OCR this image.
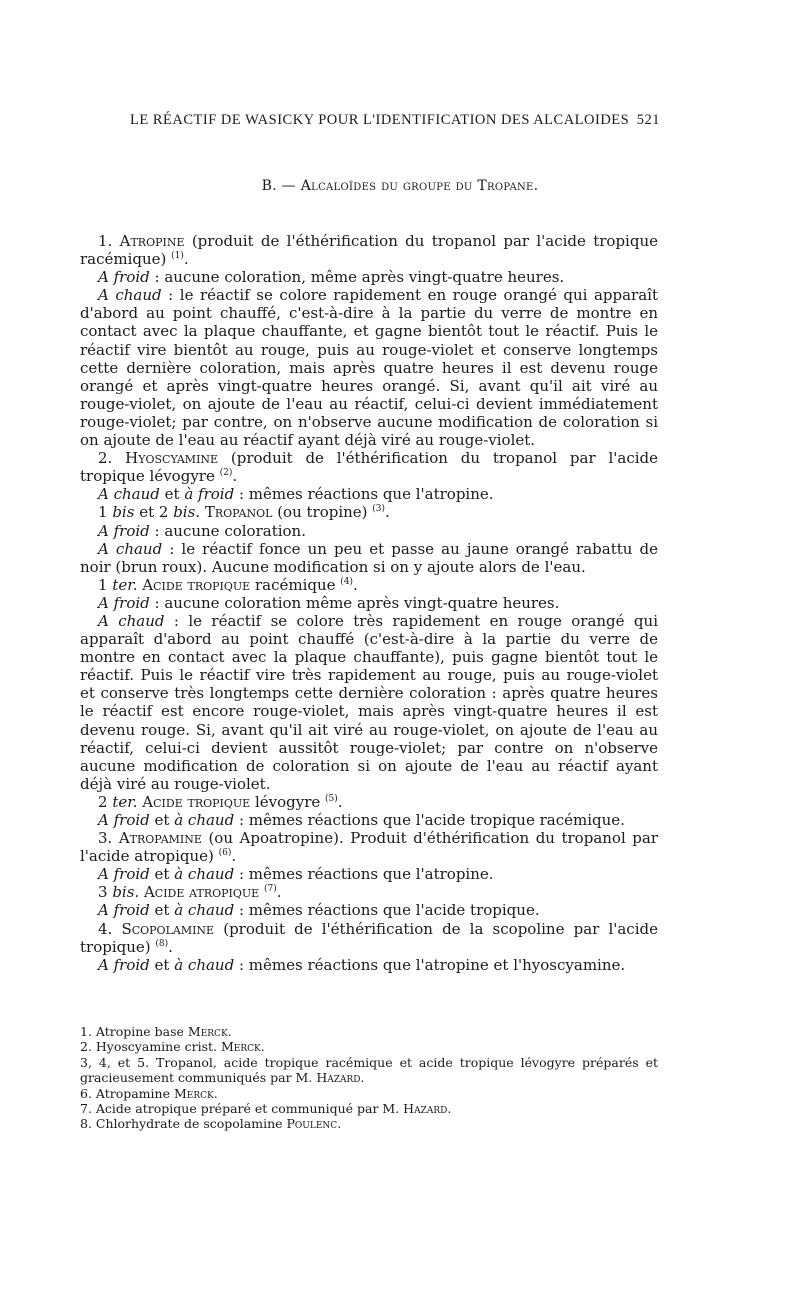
LE RÉACTIF DE WASICKY POUR L'IDENTIFICATION DES ALCALOIDES 521
B. — Alcaloïdes du groupe du Tropane.

1. Atropine (produit de l'éthérification du tropanol par l'acide tropique racémique) $^{(1)}$.

A froid : aucune coloration, même après vingt-quatre heures.

A chaud : le réactif se colore rapidement en rouge orangé qui apparaît d'abord au point chauffé, c'est-à-dire à la partie du verre de montre en contact avec la plaque chauffante, et gagne bientôt tout le réactif. Puis le réactif vire bientôt au rouge, puis au rouge-violet et conserve longtemps cette dernière coloration, mais après quatre heures il est devenu rouge orangé et après vingt-quatre heures orangé. Si, avant qu'il ait viré au rouge-violet, on ajoute de l'eau au réactif, celui-ci devient immédiatement rouge-violet; par contre, on n'observe aucune modification de coloration si on ajoute de l'eau au réactif ayant déjà viré au rouge-violet.

2. Hyoscyamine (produit de l'éthérification du tropanol par l'acide tropique lévogyre $^{(2)}$.

A chaud et à froid : mêmes réactions que l'atropine.

1 bis et 2 bis. Tropanol (ou tropine) $^{(3)}$.

A froid : aucune coloration.

A chaud : le réactif fonce un peu et passe au jaune orangé rabattu de noir (brun roux). Aucune modification si on y ajoute alors de l'eau.

1 ter. Acide tropique racémique $^{(4)}$.

A froid : aucune coloration même après vingt-quatre heures.

A chaud : le réactif se colore très rapidement en rouge orangé qui apparaît d'abord au point chauffé (c'est-à-dire à la partie du verre de montre en contact avec la plaque chauffante), puis gagne bientôt tout le réactif. Puis le réactif vire très rapidement au rouge, puis au rouge-violet et conserve très longtemps cette dernière coloration : après quatre heures le réactif est encore rouge-violet, mais après vingt-quatre heures il est devenu rouge. Si, avant qu'il ait viré au rouge-violet, on ajoute de l'eau au réactif, celui-ci devient aussitôt rouge-violet; par contre on n'observe aucune modification de coloration si on ajoute de l'eau au réactif ayant déjà viré au rouge-violet.

2 ter. Acide tropique lévogyre $^{(5)}$.

A froid et à chaud : mêmes réactions que l'acide tropique racémique.

3. Atropamine (ou Apoatropine). Produit d'éthérification du tropanol par l'acide atropique) $^{(6)}$.

A froid et à chaud : mêmes réactions que l'atropine.

3 bis. Acide atropique $^{(7)}$.

A froid et à chaud : mêmes réactions que l'acide tropique.

4. Scopolamine (produit de l'éthérification de la scopoline par l'acide tropique) $^{(8)}$.

A froid et à chaud : mêmes réactions que l'atropine et l'hyoscyamine.

1. Atropine base Merck.

2. Hyoscyamine crist. Merck.

3, 4, et 5. Tropanol, acide tropique racémique et acide tropique lévogyre préparés et gracieusement communiqués par M. Hazard.

6. Atropamine Merck.

7. Acide atropique préparé et communiqué par M. Hazard.

8. Chlorhydrate de scopolamine Poulenc.
